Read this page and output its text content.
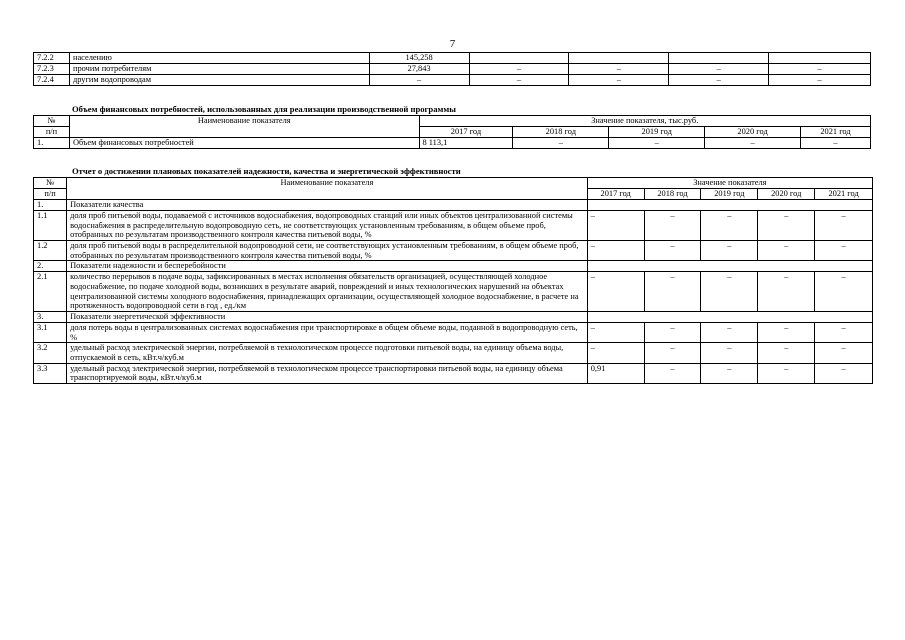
7
7.2.2	населению	145,258				
7.2.3	прочим потребителям	27,843	–	–	–	–
7.2.4	другим водопроводам	–	–	–	–	–
Объем финансовых потребностей, использованных для реализации производственной программы
№	Наименование показателя	Значение показателя, тыс.руб.				
п/п		2017 год	2018 год	2019 год	2020 год	2021 год
1.	Объем финансовых потребностей	8 113,1	–	–	–	–
Отчет о достижении плановых показателей надежности, качества и энергетической эффективности
№	Наименование показателя	Значение показателя				
п/п		2017 год	2018 год	2019 год	2020 год	2021 год
1.	Показатели качества					
1.1	доля проб питьевой воды, подаваемой с источников водоснабжения, водопроводных станций или иных объектов централизованной системы водоснабжения в распределительную водопроводную сеть, не соответствующих установленным требованиям, в общем объеме проб, отобранных по результатам производственного контроля качества питьевой воды, %	–	–	–	–	–
1.2	доля проб питьевой воды в распределительной водопроводной сети, не соответствующих установленным требованиям, в общем объеме проб, отобранных по результатам производственного контроля качества питьевой воды, %	–	–	–	–	–
2.	Показатели надежности и бесперебойности					
2.1	количество перерывов в подаче воды, зафиксированных в местах исполнения обязательств организацией, осуществляющей холодное водоснабжение, по подаче холодной воды, возникших в результате аварий, повреждений и иных технологических нарушений на объектах централизованной системы холодного водоснабжения, принадлежащих организации, осуществляющей холодное водоснабжение, в расчете на протяженность водопроводной сети в год , ед./км	–	–	–	–	–
3.	Показатели энергетической эффективности					
3.1	доля потерь воды в централизованных системах водоснабжения при транспортировке в общем объеме воды, поданной в водопроводную сеть, %	–	–	–	–	–
3.2	удельный расход электрической энергии, потребляемой в технологическом процессе подготовки питьевой воды, на единицу объема воды, отпускаемой в сеть, кВт.ч/куб.м	–	–	–	–	–
3.3	удельный расход электрической энергии, потребляемой в технологическом процессе транспортировки питьевой воды, на единицу объема транспортируемой воды, кВт.ч/куб.м	0,91	–	–	–	–
